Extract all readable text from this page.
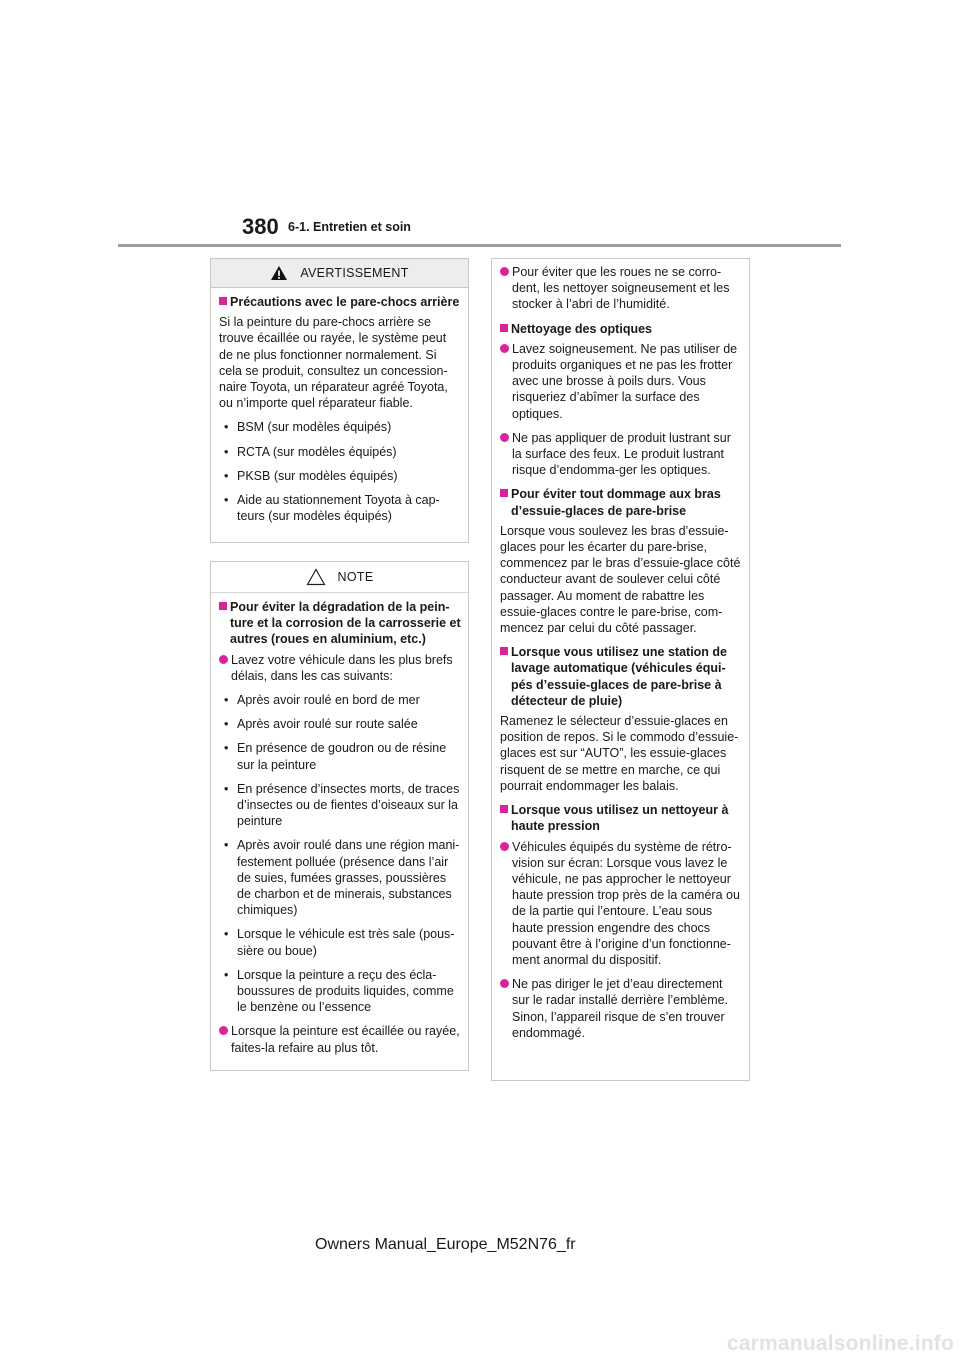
380 6-1. Entretien et soin
AVERTISSEMENT
Précautions avec le pare-chocs arrière
Si la peinture du pare-chocs arrière se trouve écaillée ou rayée, le système peut de ne plus fonctionner normalement. Si cela se produit, consultez un concession-naire Toyota, un réparateur agréé Toyota, ou n’importe quel réparateur fiable.
• BSM (sur modèles équipés)
• RCTA (sur modèles équipés)
• PKSB (sur modèles équipés)
• Aide au stationnement Toyota à cap-teurs (sur modèles équipés)
NOTE
Pour éviter la dégradation de la pein-ture et la corrosion de la carrosserie et autres (roues en aluminium, etc.)
Lavez votre véhicule dans les plus brefs délais, dans les cas suivants:
• Après avoir roulé en bord de mer
• Après avoir roulé sur route salée
• En présence de goudron ou de résine sur la peinture
• En présence d’insectes morts, de traces d’insectes ou de fientes d’oiseaux sur la peinture
• Après avoir roulé dans une région mani-festement polluée (présence dans l’air de suies, fumées grasses, poussières de charbon et de minerais, substances chimiques)
• Lorsque le véhicule est très sale (pous-sière ou boue)
• Lorsque la peinture a reçu des écla-boussures de produits liquides, comme le benzène ou l’essence
Lorsque la peinture est écaillée ou rayée, faites-la refaire au plus tôt.
Pour éviter que les roues ne se corro-dent, les nettoyer soigneusement et les stocker à l’abri de l’humidité.
Nettoyage des optiques
Lavez soigneusement. Ne pas utiliser de produits organiques et ne pas les frotter avec une brosse à poils durs. Vous risqueriez d’abîmer la surface des optiques.
Ne pas appliquer de produit lustrant sur la surface des feux. Le produit lustrant risque d’endomma-ger les optiques.
Pour éviter tout dommage aux bras d’essuie-glaces de pare-brise
Lorsque vous soulevez les bras d’essuie-glaces pour les écarter du pare-brise, commencez par le bras d’essuie-glace côté conducteur avant de soulever celui côté passager. Au moment de rabattre les essuie-glaces contre le pare-brise, com-mencez par celui du côté passager.
Lorsque vous utilisez une station de lavage automatique (véhicules équi-pés d’essuie-glaces de pare-brise à détecteur de pluie)
Ramenez le sélecteur d’essuie-glaces en position de repos. Si le commodo d’essuie-glaces est sur “AUTO”, les essuie-glaces risquent de se mettre en marche, ce qui pourrait endommager les balais.
Lorsque vous utilisez un nettoyeur à haute pression
Véhicules équipés du système de rétro-vision sur écran: Lorsque vous lavez le véhicule, ne pas approcher le nettoyeur haute pression trop près de la caméra ou de la partie qui l’entoure. L’eau sous haute pression engendre des chocs pouvant être à l’origine d’un fonctionne-ment anormal du dispositif.
Ne pas diriger le jet d’eau directement sur le radar installé derrière l’emblème. Sinon, l’appareil risque de s’en trouver endommagé.
Owners Manual_Europe_M52N76_fr
carmanualsonline.info
